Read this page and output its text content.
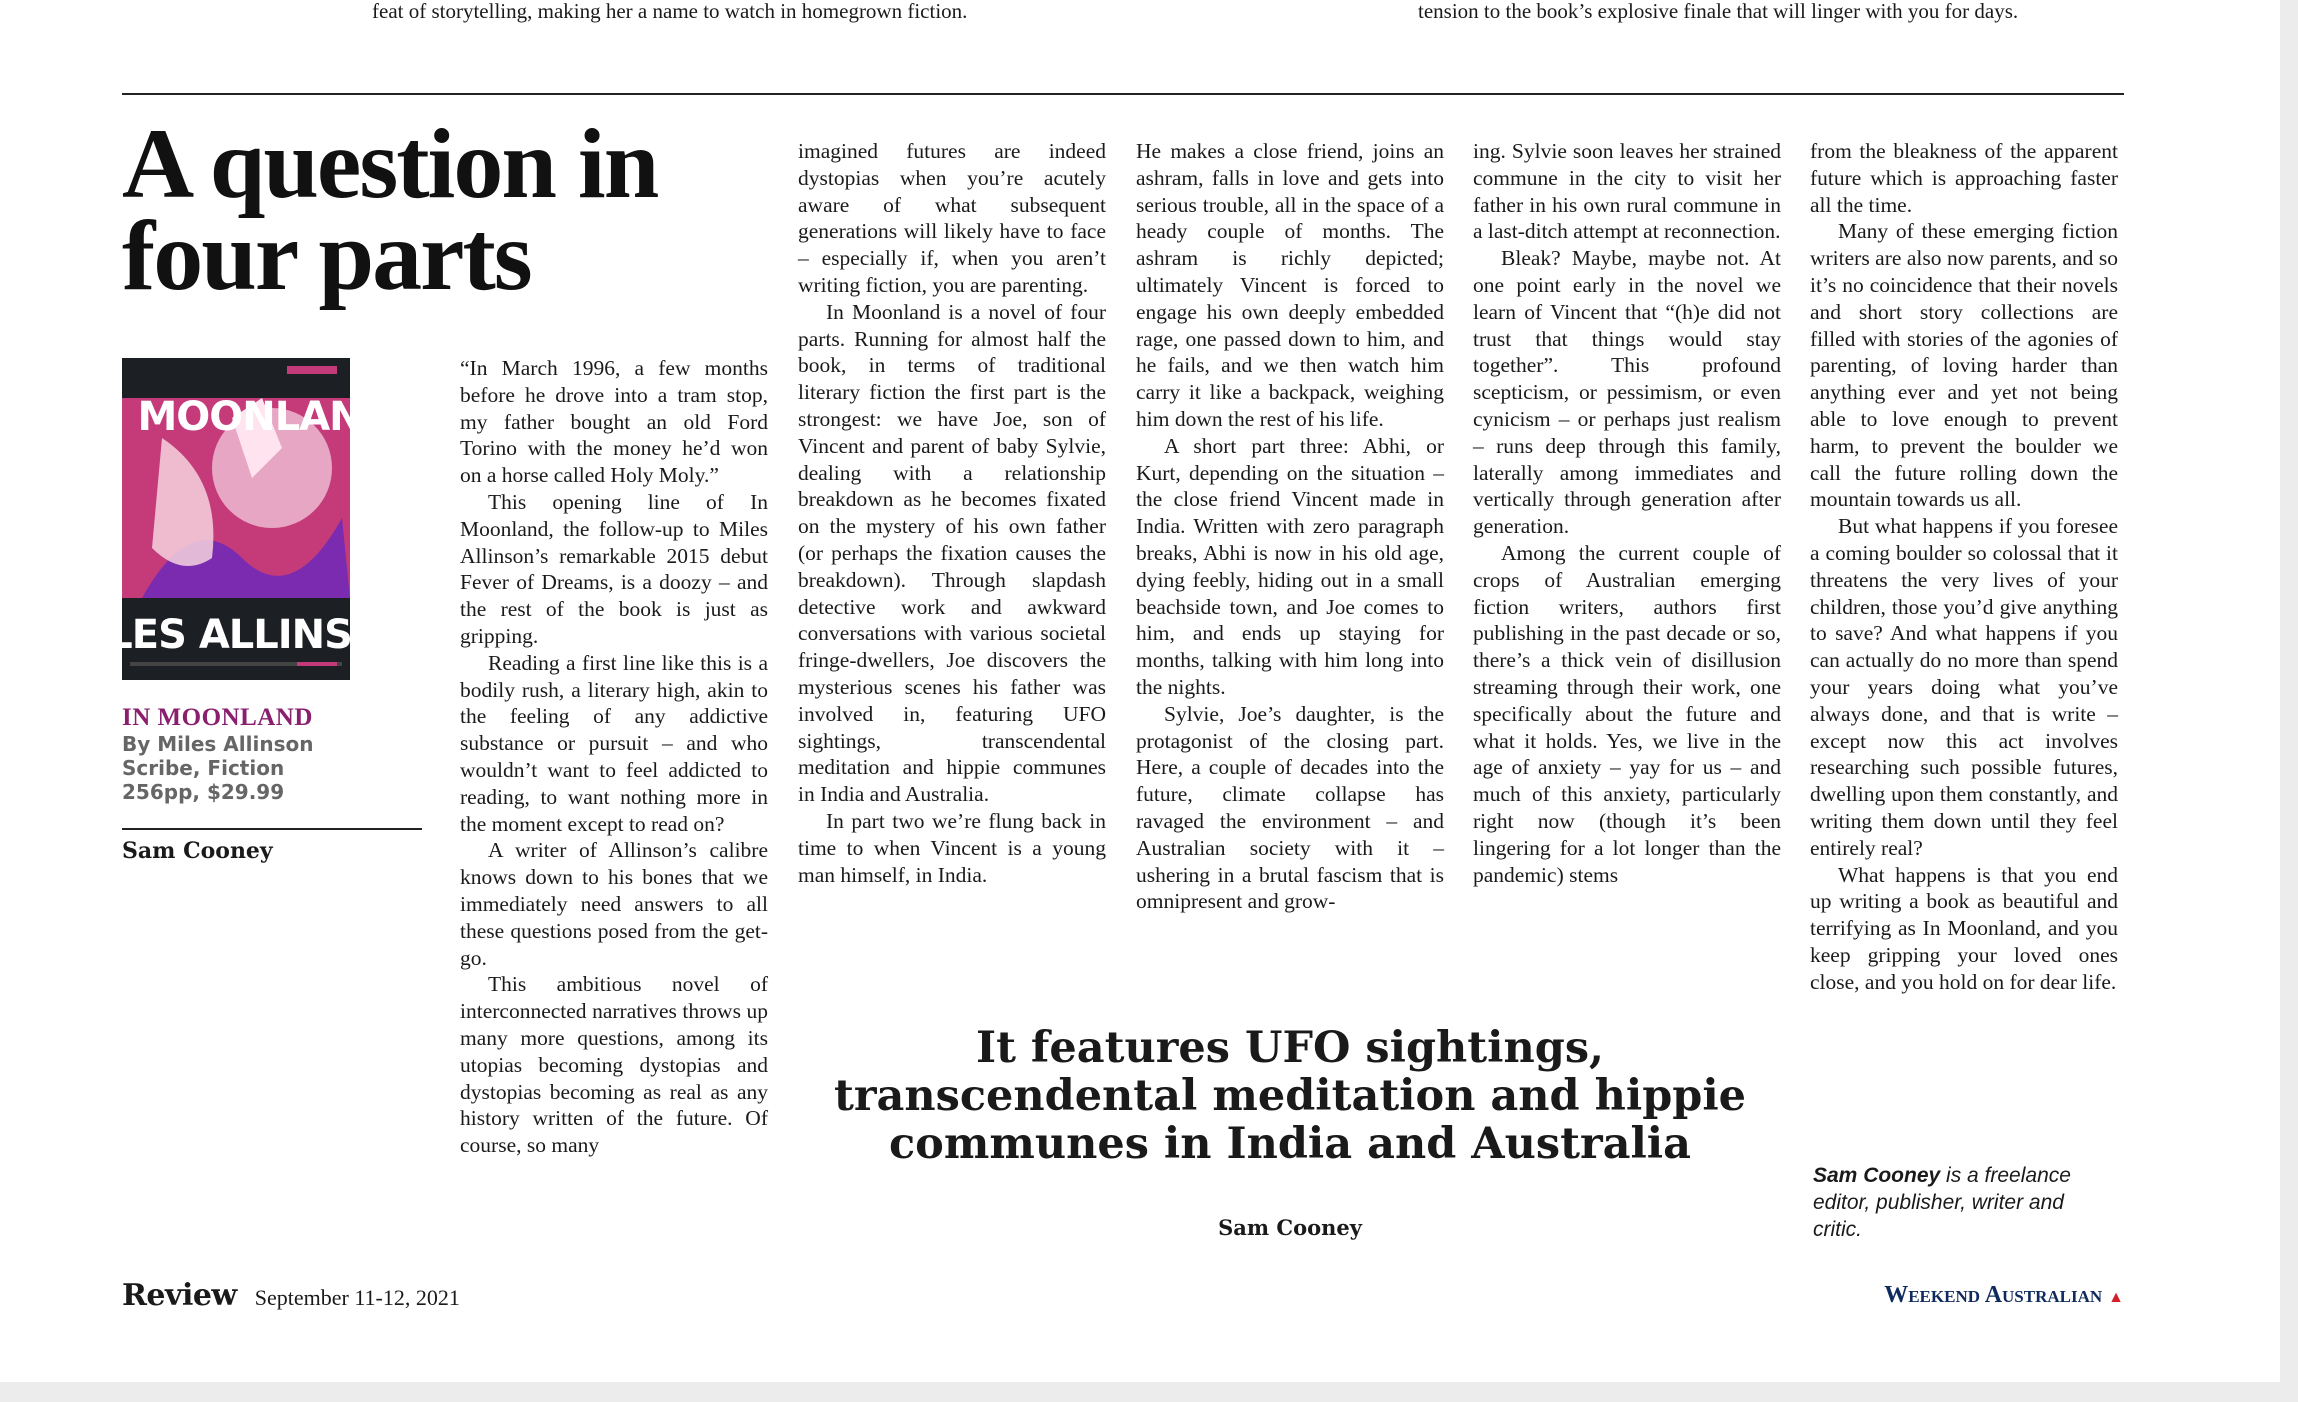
feat of storytelling, making her a name to watch in homegrown fiction.	tension to the book’s explosive finale that will linger with you for days.
A question in four parts
IN MOONLAND
MILES ALLINSON
IN MOONLAND
By Miles Allinson
Scribe, Fiction
256pp, $29.99
Sam Cooney

“In March 1996, a few months before he drove into a tram stop, my father bought an old Ford Torino with the money he’d won on a horse called Holy Moly.”

This opening line of In Moonland, the follow-up to Miles Allinson’s remarkable 2015 debut Fever of Dreams, is a doozy – and the rest of the book is just as gripping.

Reading a first line like this is a bodily rush, a literary high, akin to the feeling of any addictive substance or pursuit – and who wouldn’t want to feel addicted to reading, to want nothing more in the moment except to read on?

A writer of Allinson’s calibre knows down to his bones that we immediately need answers to all these questions posed from the get-go.

This ambitious novel of interconnected narratives throws up many more questions, among its utopias becoming dystopias and dystopias becoming as real as any history written of the future. Of course, so many

imagined futures are indeed dystopias when you’re acutely aware of what subsequent generations will likely have to face – especially if, when you aren’t writing fiction, you are parenting.

In Moonland is a novel of four parts. Running for almost half the book, in terms of traditional literary fiction the first part is the strongest: we have Joe, son of Vincent and parent of baby Sylvie, dealing with a relationship breakdown as he becomes fixated on the mystery of his own father (or perhaps the fixation causes the breakdown). Through slapdash detective work and awkward conversations with various societal fringe-dwellers, Joe discovers the mysterious scenes his father was involved in, featuring UFO sightings, transcendental meditation and hippie communes in India and Australia.

In part two we’re flung back in time to when Vincent is a young man himself, in India.

He makes a close friend, joins an ashram, falls in love and gets into serious trouble, all in the space of a heady couple of months. The ashram is richly depicted; ultimately Vincent is forced to engage his own deeply embedded rage, one passed down to him, and he fails, and we then watch him carry it like a backpack, weighing him down the rest of his life.

A short part three: Abhi, or Kurt, depending on the situation – the close friend Vincent made in India. Written with zero paragraph breaks, Abhi is now in his old age, dying feebly, hiding out in a small beachside town, and Joe comes to him, and ends up staying for months, talking with him long into the nights.

Sylvie, Joe’s daughter, is the protagonist of the closing part. Here, a couple of decades into the future, climate collapse has ravaged the environment – and Australian society with it – ushering in a brutal fascism that is omnipresent and grow-

ing. Sylvie soon leaves her strained commune in the city to visit her father in his own rural commune in a last-ditch attempt at reconnection.

Bleak? Maybe, maybe not. At one point early in the novel we learn of Vincent that “(h)e did not trust that things would stay together”. This profound scepticism, or pessimism, or even cynicism – or perhaps just realism – runs deep through this family, laterally among immediates and vertically through generation after generation.

Among the current couple of crops of Australian emerging fiction writers, authors first publishing in the past decade or so, there’s a thick vein of disillusion streaming through their work, one specifically about the future and what it holds. Yes, we live in the age of anxiety – yay for us – and much of this anxiety, particularly right now (though it’s been lingering for a lot longer than the pandemic) stems

from the bleakness of the apparent future which is approaching faster all the time.

Many of these emerging fiction writers are also now parents, and so it’s no coincidence that their novels and short story collections are filled with stories of the agonies of parenting, of loving harder than anything ever and yet not being able to love enough to prevent harm, to prevent the boulder we call the future rolling down the mountain towards us all.

But what happens if you foresee a coming boulder so colossal that it threatens the very lives of your children, those you’d give anything to save? And what happens if you can actually do no more than spend your years doing what you’ve always done, and that is write – except now this act involves researching such possible futures, dwelling upon them constantly, and writing them down until they feel entirely real?

What happens is that you end up writing a book as beautiful and terrifying as In Moonland, and you keep gripping your loved ones close, and you hold on for dear life.

It features UFO sightings, transcendental meditation and hippie communes in India and Australia
Sam Cooney
Sam Cooney is a freelance editor, publisher, writer and critic.
Review September 11-12, 2021	Weekend Australian ▲
